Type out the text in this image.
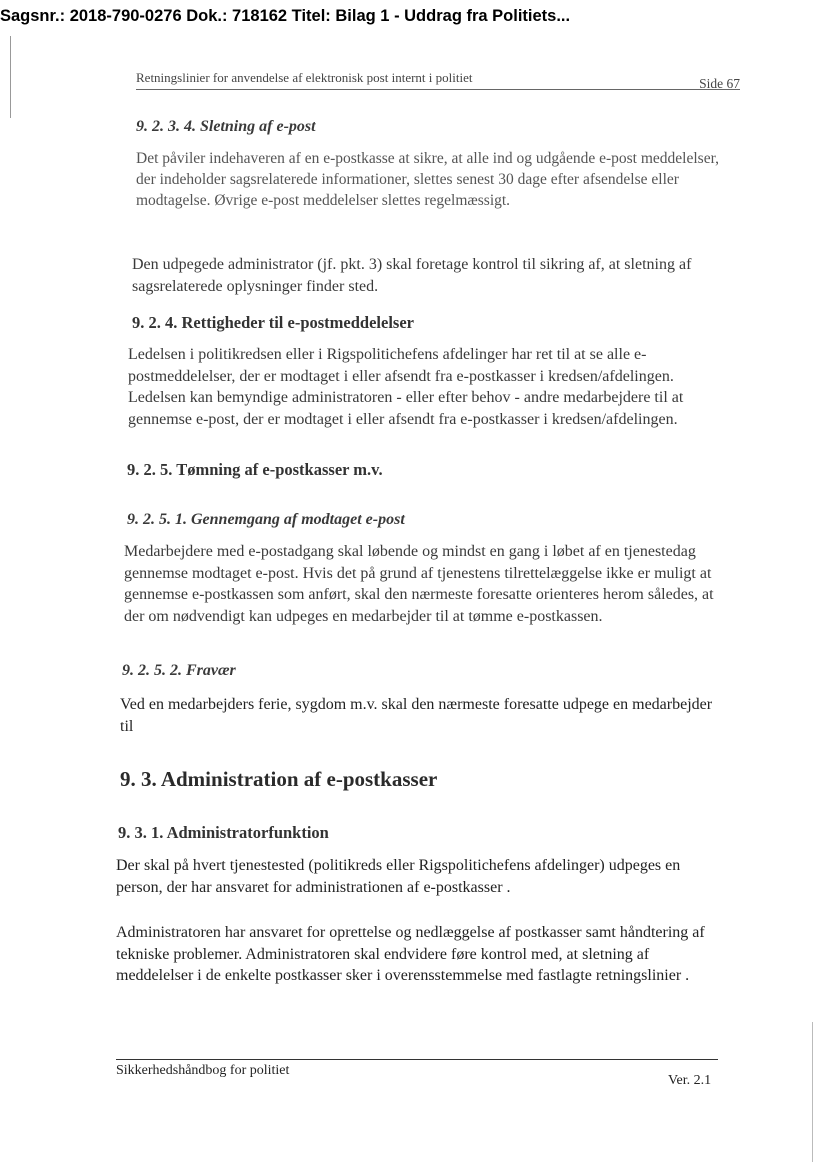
Sagsnr.: 2018-790-0276 Dok.: 718162 Titel: Bilag 1 - Uddrag fra Politiets...
Retningslinier for anvendelse af elektronisk post internt i politiet	Side 67
9. 2. 3. 4. Sletning af e-post
Det påviler indehaveren af en e-postkasse at sikre, at alle ind og udgående e-post meddelelser, der indeholder sagsrelaterede informationer, slettes senest 30 dage efter afsendelse eller modtagelse. Øvrige e-post meddelelser slettes regelmæssigt.
Den udpegede administrator (jf. pkt. 3) skal foretage kontrol til sikring af, at sletning af sagsrelaterede oplysninger finder sted.
9. 2. 4. Rettigheder til e-postmeddelelser
Ledelsen i politikredsen eller i Rigspolitichefens afdelinger har ret til at se alle e-postmeddelelser, der er modtaget i eller afsendt fra e-postkasser i kredsen/afdelingen. Ledelsen kan bemyndige administratoren - eller efter behov - andre medarbejdere til at gennemse e-post, der er modtaget i eller afsendt fra e-postkasser i kredsen/afdelingen.
9. 2. 5. Tømning af e-postkasser m.v.
9. 2. 5. 1. Gennemgang af modtaget e-post
Medarbejdere med e-postadgang skal løbende og mindst en gang i løbet af en tjenestedag gennemse modtaget e-post. Hvis det på grund af tjenestens tilrettelæggelse ikke er muligt at gennemse e-postkassen som anført, skal den nærmeste foresatte orienteres herom således, at der om nødvendigt kan udpeges en medarbejder til at tømme e-postkassen.
9. 2. 5. 2. Fravær
Ved en medarbejders ferie, sygdom m.v. skal den nærmeste foresatte udpege en medarbejder til
9. 3. Administration af e-postkasser
9. 3. 1. Administratorfunktion
Der skal på hvert tjenestested (politikreds eller Rigspolitichefens afdelinger) udpeges en person, der har ansvaret for administrationen af e-postkasser .
Administratoren har ansvaret for oprettelse og nedlæggelse af postkasser samt håndtering af tekniske problemer. Administratoren skal endvidere føre kontrol med, at sletning af meddelelser i de enkelte postkasser sker i overensstemmelse med fastlagte retningslinier .
Sikkerhedshåndbog for politiet
Ver. 2.1
